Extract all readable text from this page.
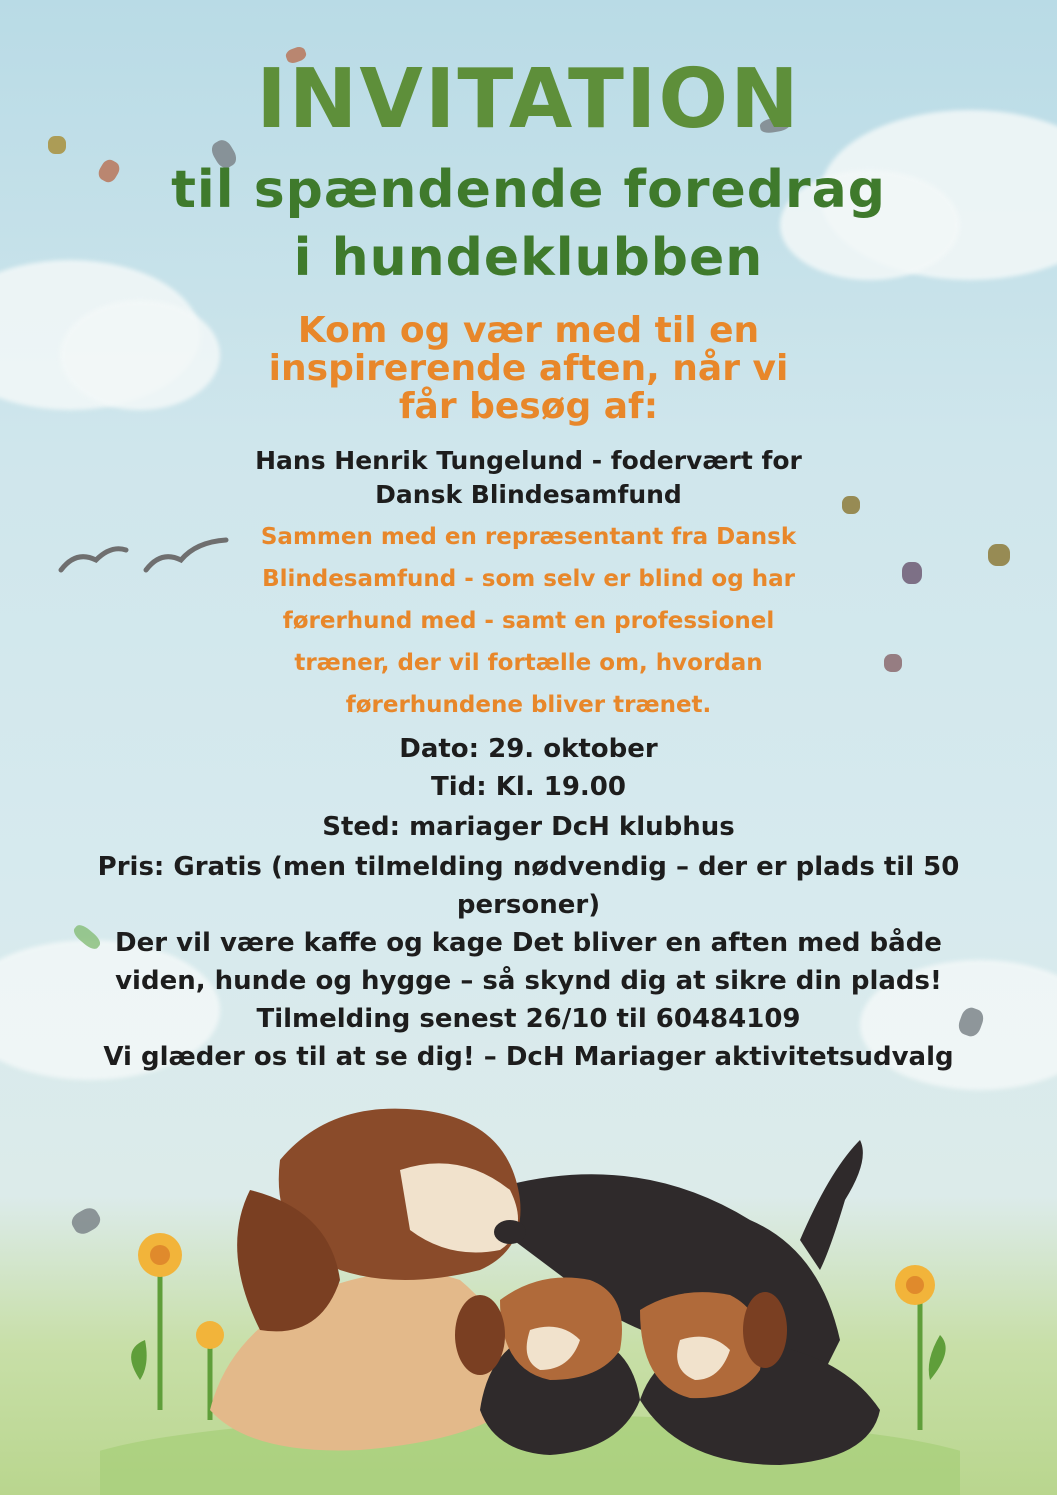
INVITATION
til spændende foredrag
i hundeklubben
Kom og vær med til en
inspirerende aften, når vi
får besøg af:
Hans Henrik Tungelund - fodervært for
Dansk Blindesamfund
Sammen med en repræsentant fra Dansk
Blindesamfund - som selv er blind og har
førerhund med - samt en professionel
træner, der vil fortælle om, hvordan
førerhundene bliver trænet.
Dato: 29. oktober
Tid: Kl. 19.00
Sted: mariager DcH klubhus
Pris: Gratis (men tilmelding nødvendig – der er plads til 50
personer)
Der vil være kaffe og kage Det bliver en aften med både
viden, hunde og hygge – så skynd dig at sikre din plads!
Tilmelding senest 26/10 til 60484109
Vi glæder os til at se dig! – DcH Mariager aktivitetsudvalg
